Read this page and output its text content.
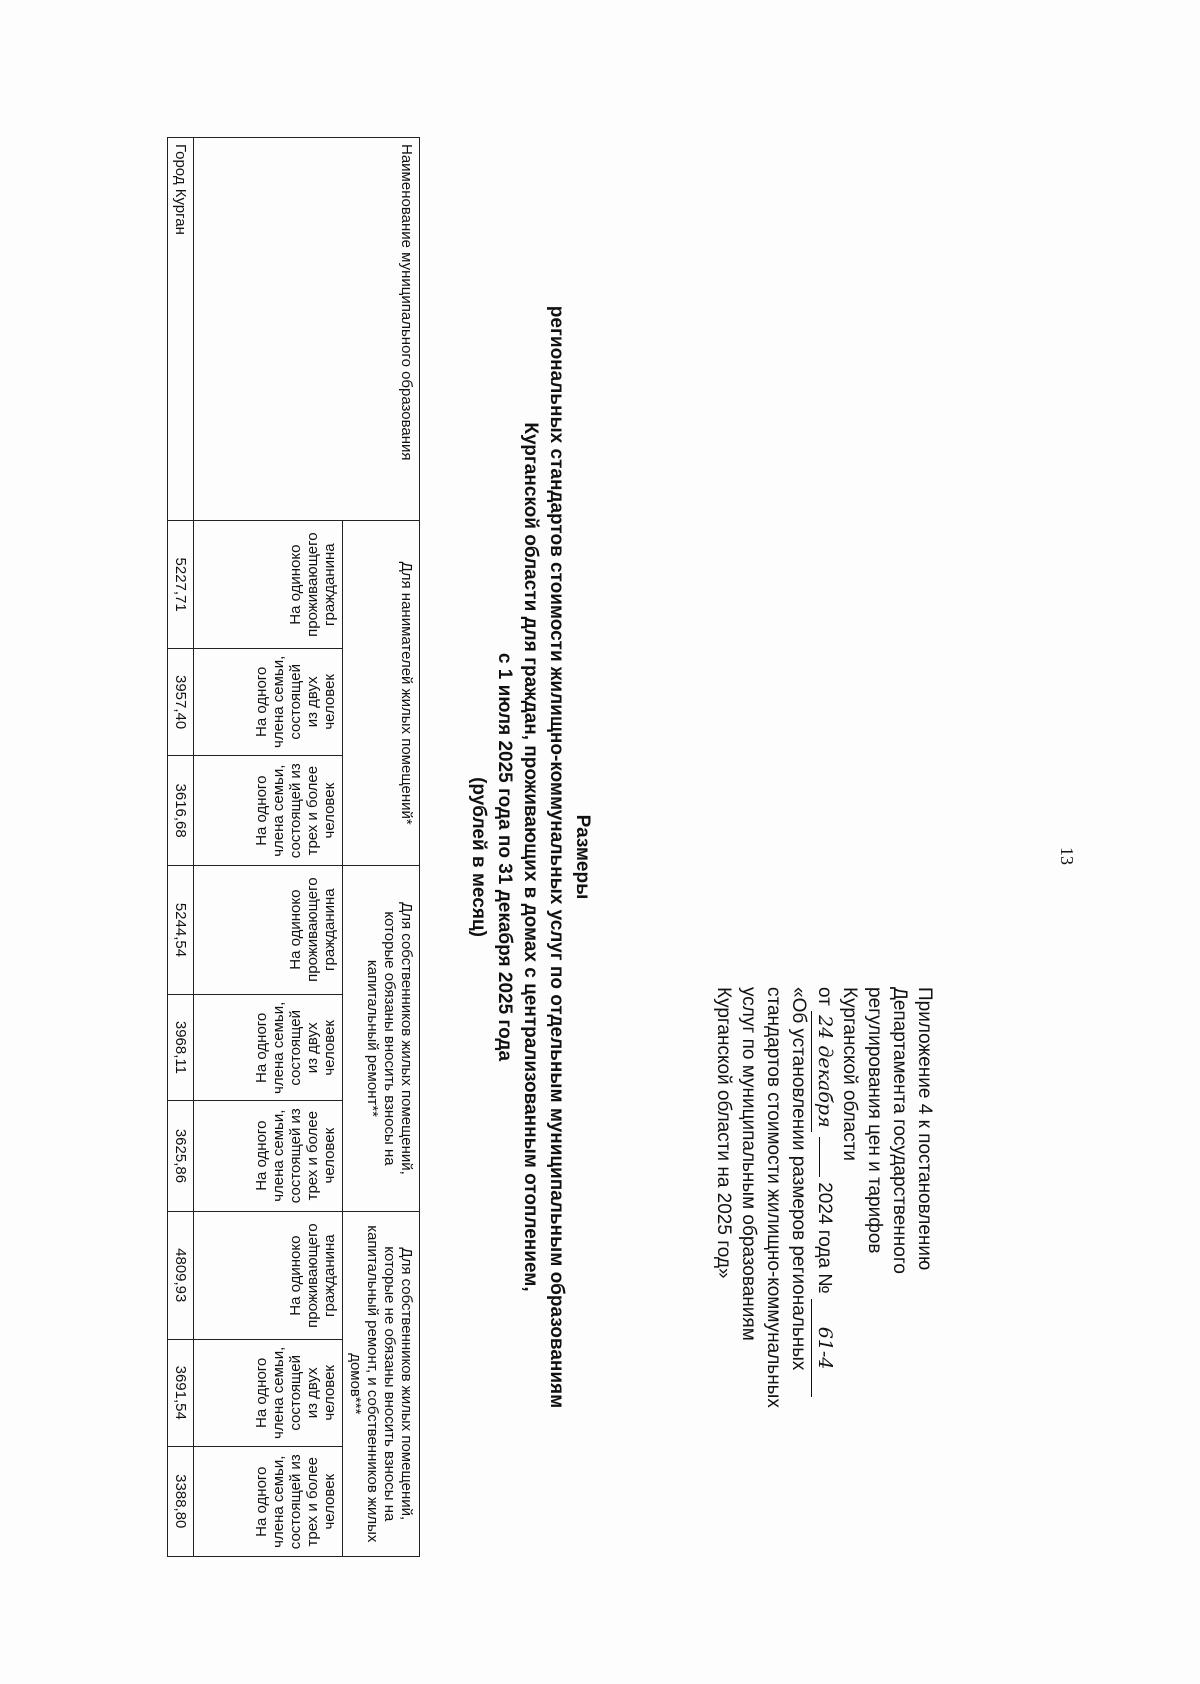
13
Приложение 4 к постановлению
Департамента государственного
регулирования цен и тарифов
Курганской области
от 24 декабря  2024 года № 61-4
«Об установлении размеров региональных
стандартов стоимости жилищно-коммунальных
услуг по муниципальным образованиям
Курганской области на 2025 год»
Размеры
региональных стандартов стоимости жилищно-коммунальных услуг по отдельным муниципальным образованиям
Курганской области для граждан, проживающих в домах с централизованным отоплением,
с 1 июля 2025 года по 31 декабря 2025 года
(рублей в месяц)
Наименование муниципального образования	Для нанимателей жилых помещений*			Для собственников жилых помещений, которые обязаны вносить взносы на капитальный ремонт**			Для собственников жилых помещений, которые не обязаны вносить взносы на капитальный ремонт, и собственников жилых домов***		

	На одиноко проживающего гражданина	На одного члена семьи, состоящей из двух человек	На одного члена семьи, состоящей из трех и более человек	На одиноко проживающего гражданина	На одного члена семьи, состоящей из двух человек	На одного члена семьи, состоящей из трех и более человек	На одиноко проживающего гражданина	На одного члена семьи, состоящей из двух человек	На одного члена семьи, состоящей из трех и более человек

Город Курган	5227,71	3957,40	3616,68	5244,54	3968,11	3625,86	4809,93	3691,54	3388,80
